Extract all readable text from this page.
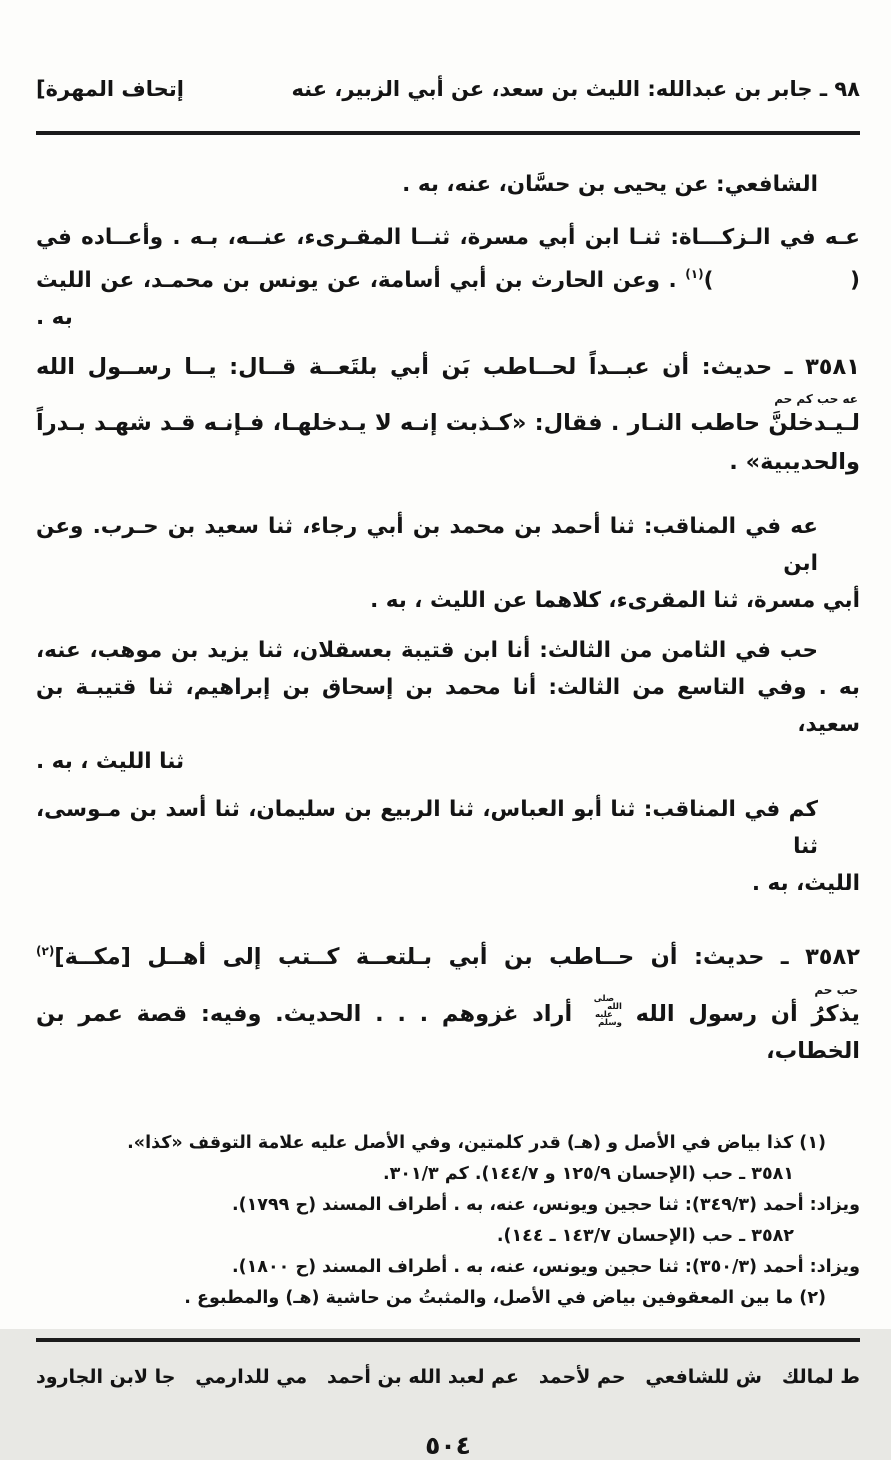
٩٨ ـ جابر بن عبدالله: الليث بن سعد، عن أبي الزبير، عنه
[إتحاف المهرة
الشافعي: عن يحيى بن حسَّان، عنه، به .
عـه في الـزكـــاة: ثنـا ابن أبي مسرة، ثنــا المقـرىء، عنــه، بـه . وأعــاده في
(                )$^{(١)}$ . وعن الحارث بن أبي أسامة، عن يونس بن محمـد، عن الليث
به .
٣٥٨١ ـ حديث: أن عبــداً لحــاطب بَن أبي بلتَعــة قــال: يــا رســول الله
عه حب كم حم
لـيـدخلنَّ حاطب النـار . فقال: «كـذبت إنـه لا يـدخلهـا، فـإنـه قـد شهـد بـدراً
والحديبية» .
عه في المناقب: ثنا أحمد بن محمد بن أبي رجاء، ثنا سعيد بن حـرب. وعن ابن
أبي مسرة، ثنا المقرىء، كلاهما عن الليث ، به .
حب في الثامن من الثالث: أنا ابن قتيبة بعسقلان، ثنا يزيد بن موهب، عنه،
به . وفي التاسع من الثالث: أنا محمد بن إسحاق بن إبراهيم، ثنا قتيبـة بن سعيد،
ثنا الليث ، به .
كم في المناقب: ثنا أبو العباس، ثنا الربيع بن سليمان، ثنا أسد بن مـوسى، ثنا
الليث، به .
٣٥٨٢ ـ حديث: أن حــاطب بن أبي بـلتعــة كــتب إلى أهــل [مكــة]$^{(٢)}$
حب حم
يذكرُ أن رسول الله صلى الله
عليه وسلم أراد غزوهم . . . الحديث. وفيه: قصة عمر بن الخطاب،
(١) كذا بياض في الأصل و (هـ) قدر كلمتين، وفي الأصل عليه علامة التوقف «كذا».
٣٥٨١ ـ حب (الإحسان ١٢٥/٩ و ١٤٤/٧). كم ٣٠١/٣.
ويزاد: أحمد (٣٤٩/٣): ثنا حجين ويونس، عنه، به . أطراف المسند (ح ١٧٩٩).
٣٥٨٢ ـ حب (الإحسان ١٤٣/٧ ـ ١٤٤).
ويزاد: أحمد (٣٥٠/٣): ثنا حجين ويونس، عنه، به . أطراف المسند (ح ١٨٠٠).
(٢) ما بين المعقوفين بياض في الأصل، والمثبتُ من حاشية (هـ) والمطبوع .
ط لمالك
ش للشافعي
حم لأحمد
عم لعبد الله بن أحمد
مي للدارمي
جا لابن الجارود
٥٠٤
